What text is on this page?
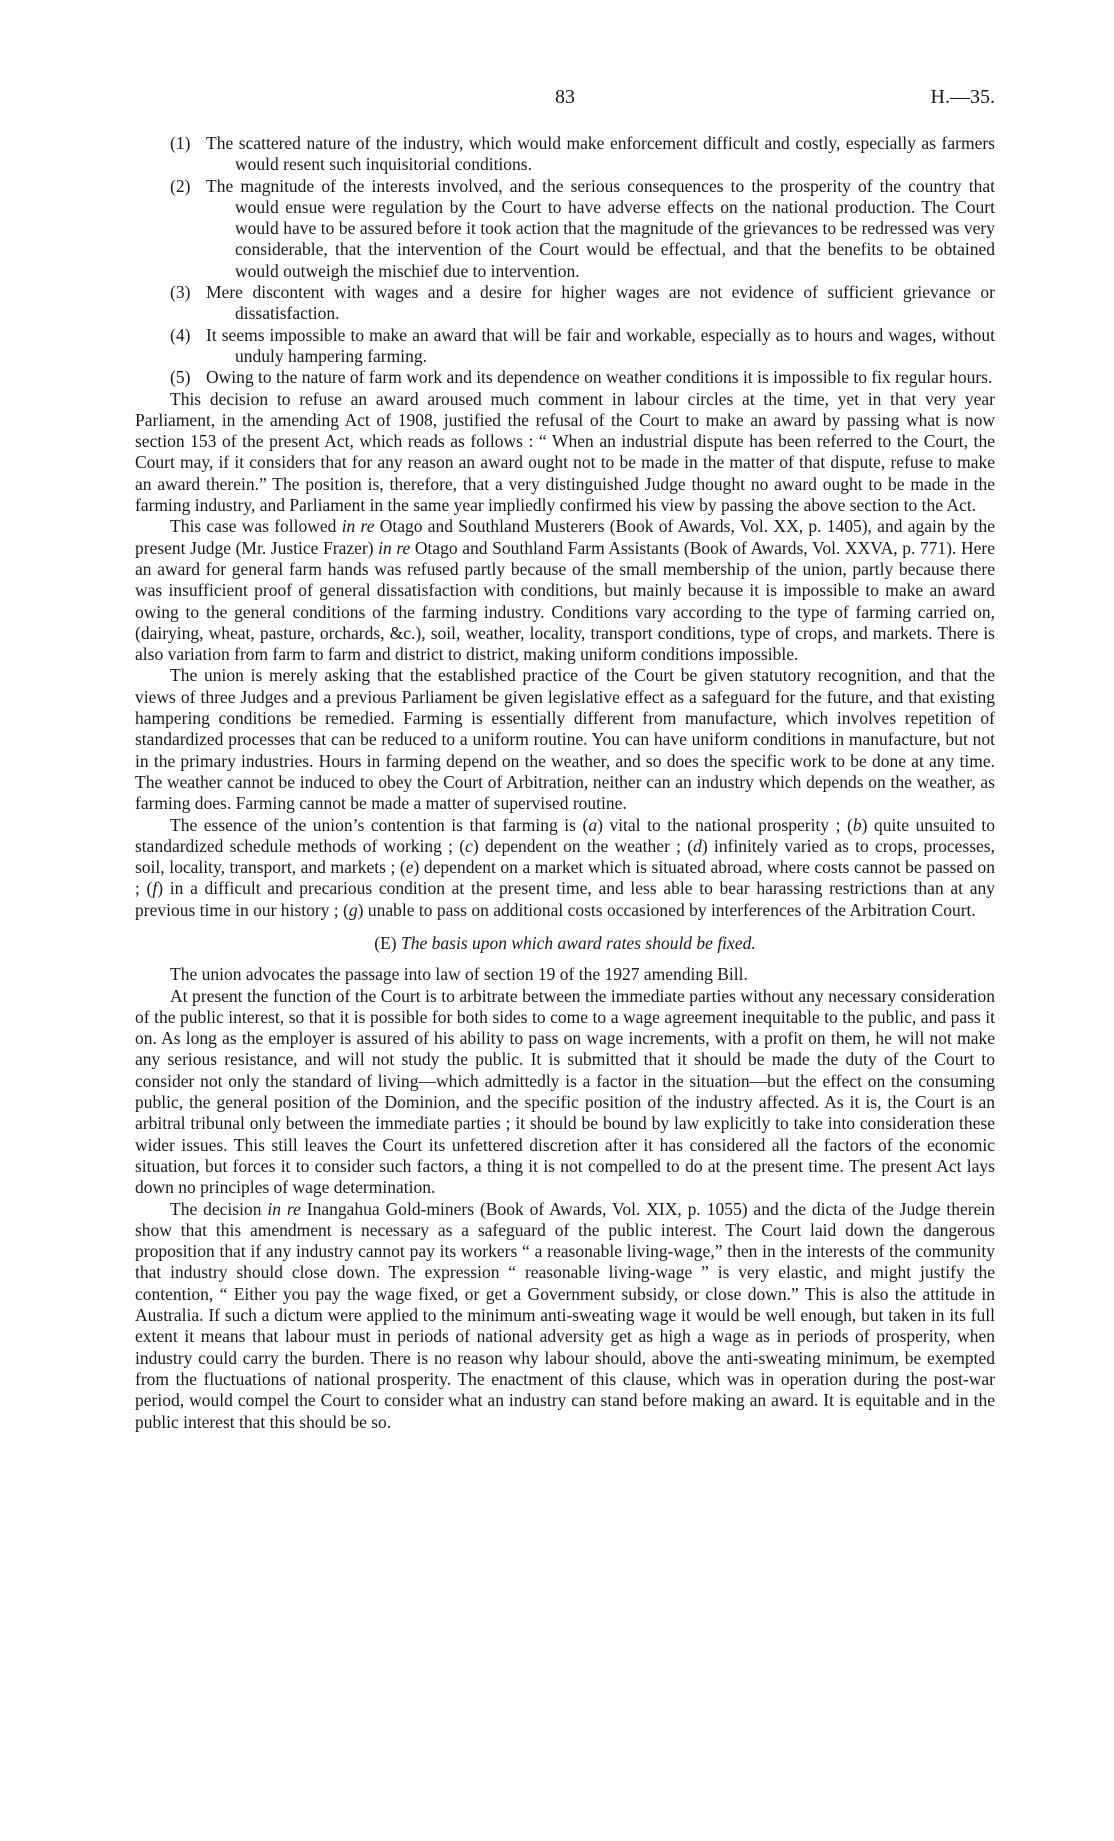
83	H.—35.

(1) The scattered nature of the industry, which would make enforcement difficult and costly, especially as farmers would resent such inquisitorial conditions.

(2) The magnitude of the interests involved, and the serious consequences to the prosperity of the country that would ensue were regulation by the Court to have adverse effects on the national production. The Court would have to be assured before it took action that the magnitude of the grievances to be redressed was very considerable, that the intervention of the Court would be effectual, and that the benefits to be obtained would outweigh the mischief due to intervention.

(3) Mere discontent with wages and a desire for higher wages are not evidence of sufficient grievance or dissatisfaction.

(4) It seems impossible to make an award that will be fair and workable, especially as to hours and wages, without unduly hampering farming.

(5) Owing to the nature of farm work and its dependence on weather conditions it is impossible to fix regular hours.

This decision to refuse an award aroused much comment in labour circles at the time, yet in that very year Parliament, in the amending Act of 1908, justified the refusal of the Court to make an award by passing what is now section 153 of the present Act, which reads as follows : “ When an industrial dispute has been referred to the Court, the Court may, if it considers that for any reason an award ought not to be made in the matter of that dispute, refuse to make an award therein.” The position is, therefore, that a very distinguished Judge thought no award ought to be made in the farming industry, and Parliament in the same year impliedly confirmed his view by passing the above section to the Act.

This case was followed in re Otago and Southland Musterers (Book of Awards, Vol. XX, p. 1405), and again by the present Judge (Mr. Justice Frazer) in re Otago and Southland Farm Assistants (Book of Awards, Vol. XXVA, p. 771). Here an award for general farm hands was refused partly because of the small membership of the union, partly because there was insufficient proof of general dissatisfaction with conditions, but mainly because it is impossible to make an award owing to the general conditions of the farming industry. Conditions vary according to the type of farming carried on, (dairying, wheat, pasture, orchards, &c.), soil, weather, locality, transport conditions, type of crops, and markets. There is also variation from farm to farm and district to district, making uniform conditions impossible.

The union is merely asking that the established practice of the Court be given statutory recognition, and that the views of three Judges and a previous Parliament be given legislative effect as a safeguard for the future, and that existing hampering conditions be remedied. Farming is essentially different from manufacture, which involves repetition of standardized processes that can be reduced to a uniform routine. You can have uniform conditions in manufacture, but not in the primary industries. Hours in farming depend on the weather, and so does the specific work to be done at any time. The weather cannot be induced to obey the Court of Arbitration, neither can an industry which depends on the weather, as farming does. Farming cannot be made a matter of supervised routine.

The essence of the union’s contention is that farming is (a) vital to the national prosperity ; (b) quite unsuited to standardized schedule methods of working ; (c) dependent on the weather ; (d) infinitely varied as to crops, processes, soil, locality, transport, and markets ; (e) dependent on a market which is situated abroad, where costs cannot be passed on ; (f) in a difficult and precarious condition at the present time, and less able to bear harassing restrictions than at any previous time in our history ; (g) unable to pass on additional costs occasioned by interferences of the Arbitration Court.

(E) The basis upon which award rates should be fixed.

The union advocates the passage into law of section 19 of the 1927 amending Bill.

At present the function of the Court is to arbitrate between the immediate parties without any necessary consideration of the public interest, so that it is possible for both sides to come to a wage agreement inequitable to the public, and pass it on. As long as the employer is assured of his ability to pass on wage increments, with a profit on them, he will not make any serious resistance, and will not study the public. It is submitted that it should be made the duty of the Court to consider not only the standard of living—which admittedly is a factor in the situation—but the effect on the consuming public, the general position of the Dominion, and the specific position of the industry affected. As it is, the Court is an arbitral tribunal only between the immediate parties ; it should be bound by law explicitly to take into consideration these wider issues. This still leaves the Court its unfettered discretion after it has considered all the factors of the economic situation, but forces it to consider such factors, a thing it is not compelled to do at the present time. The present Act lays down no principles of wage determination.

The decision in re Inangahua Gold-miners (Book of Awards, Vol. XIX, p. 1055) and the dicta of the Judge therein show that this amendment is necessary as a safeguard of the public interest. The Court laid down the dangerous proposition that if any industry cannot pay its workers “ a reasonable living-wage,” then in the interests of the community that industry should close down. The expression “ reasonable living-wage ” is very elastic, and might justify the contention, “ Either you pay the wage fixed, or get a Government subsidy, or close down.” This is also the attitude in Australia. If such a dictum were applied to the minimum anti-sweating wage it would be well enough, but taken in its full extent it means that labour must in periods of national adversity get as high a wage as in periods of prosperity, when industry could carry the burden. There is no reason why labour should, above the anti-sweating minimum, be exempted from the fluctuations of national prosperity. The enactment of this clause, which was in operation during the post-war period, would compel the Court to consider what an industry can stand before making an award. It is equitable and in the public interest that this should be so.
